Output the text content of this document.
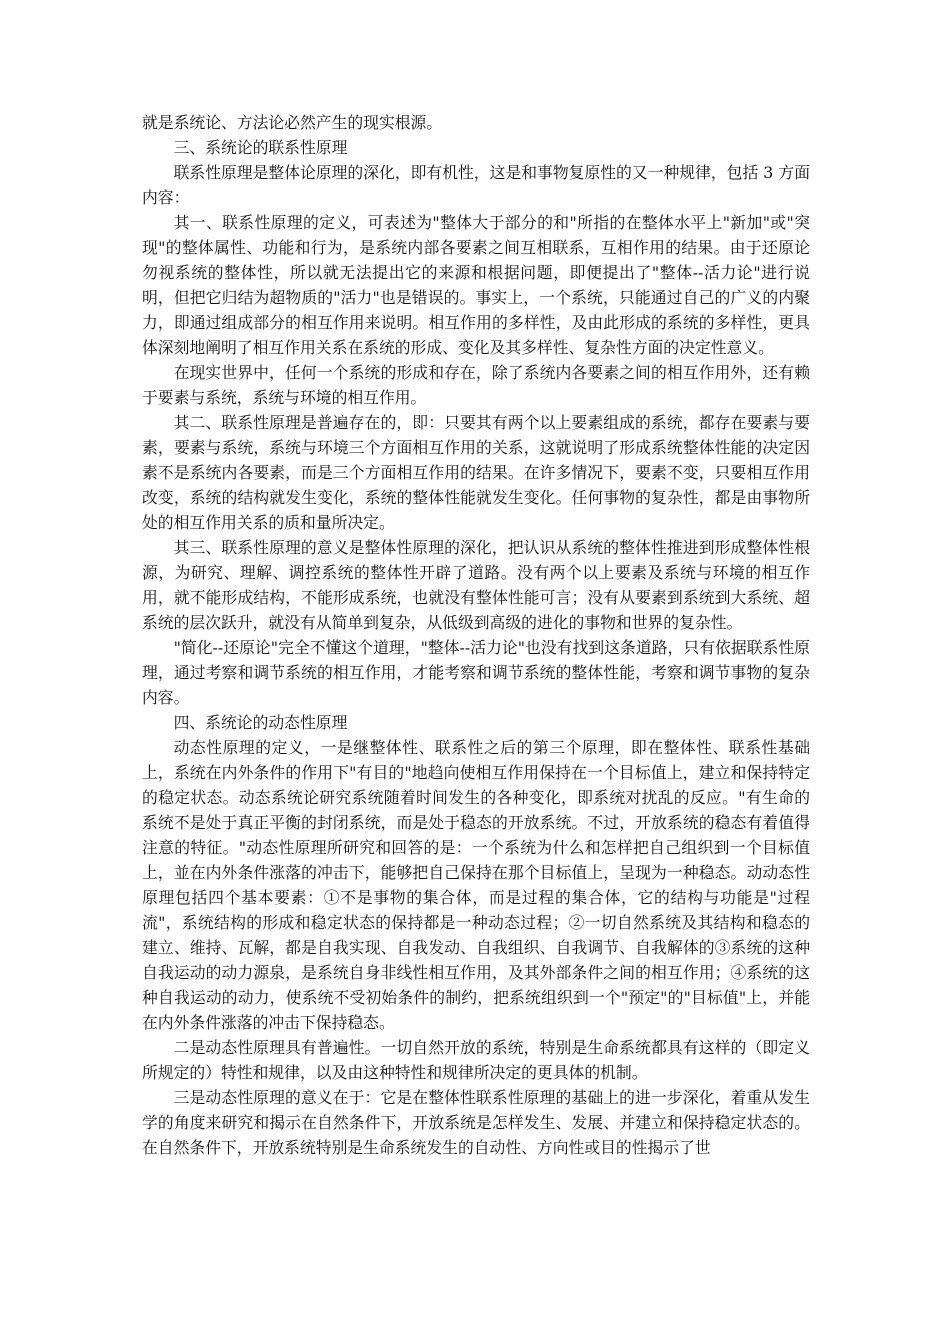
就是系统论、方法论必然产生的现实根源。

三、系统论的联系性原理

联系性原理是整体论原理的深化，即有机性，这是和事物复原性的又一种规律，包括 3 方面内容：

其一、联系性原理的定义，可表述为"整体大于部分的和"所指的在整体水平上"新加"或"突现"的整体属性、功能和行为，是系统内部各要素之间互相联系，互相作用的结果。由于还原论勿视系统的整体性，所以就无法提出它的来源和根据问题，即便提出了"整体--活力论"进行说明，但把它归结为超物质的"活力"也是错误的。事实上，一个系统，只能通过自己的广义的内聚力，即通过组成部分的相互作用来说明。相互作用的多样性，及由此形成的系统的多样性，更具体深刻地阐明了相互作用关系在系统的形成、变化及其多样性、复杂性方面的决定性意义。

在现实世界中，任何一个系统的形成和存在，除了系统内各要素之间的相互作用外，还有赖于要素与系统，系统与环境的相互作用。

其二、联系性原理是普遍存在的，即：只要其有两个以上要素组成的系统，都存在要素与要素，要素与系统，系统与环境三个方面相互作用的关系，这就说明了形成系统整体性能的决定因素不是系统内各要素，而是三个方面相互作用的结果。在许多情况下，要素不变，只要相互作用改变，系统的结构就发生变化，系统的整体性能就发生变化。任何事物的复杂性，都是由事物所处的相互作用关系的质和量所决定。

其三、联系性原理的意义是整体性原理的深化，把认识从系统的整体性推进到形成整体性根源，为研究、理解、调控系统的整体性开辟了道路。没有两个以上要素及系统与环境的相互作用，就不能形成结构，不能形成系统，也就没有整体性能可言；没有从要素到系统到大系统、超系统的层次跃升，就没有从简单到复杂，从低级到高级的进化的事物和世界的复杂性。

"简化--还原论"完全不懂这个道理，"整体--活力论"也没有找到这条道路，只有依据联系性原理，通过考察和调节系统的相互作用，才能考察和调节系统的整体性能，考察和调节事物的复杂内容。

四、系统论的动态性原理

动态性原理的定义，一是继整体性、联系性之后的第三个原理，即在整体性、联系性基础上，系统在内外条件的作用下"有目的"地趋向使相互作用保持在一个目标值上，建立和保持特定的稳定状态。动态系统论研究系统随着时间发生的各种变化，即系统对扰乱的反应。"有生命的系统不是处于真正平衡的封闭系统，而是处于稳态的开放系统。不过，开放系统的稳态有着值得注意的特征。"动态性原理所研究和回答的是：一个系统为什么和怎样把自己组织到一个目标值上，並在内外条件涨落的冲击下，能够把自己保持在那个目标值上，呈现为一种稳态。动动态性原理包括四个基本要素：①不是事物的集合体，而是过程的集合体，它的结构与功能是"过程流"，系统结构的形成和稳定状态的保持都是一种动态过程；②一切自然系统及其结构和稳态的建立、维持、瓦解，都是自我实现、自我发动、自我组织、自我调节、自我解体的③系统的这种自我运动的动力源泉，是系统自身非线性相互作用，及其外部条件之间的相互作用；④系统的这种自我运动的动力，使系统不受初始条件的制约，把系统组织到一个"预定"的"目标值"上，并能在内外条件涨落的冲击下保持稳态。

二是动态性原理具有普遍性。一切自然开放的系统，特别是生命系统都具有这样的（即定义所规定的）特性和规律，以及由这种特性和规律所决定的更具体的机制。

三是动态性原理的意义在于：它是在整体性联系性原理的基础上的进一步深化，着重从发生学的角度来研究和揭示在自然条件下，开放系统是怎样发生、发展、并建立和保持稳定状态的。在自然条件下，开放系统特别是生命系统发生的自动性、方向性或目的性揭示了世
